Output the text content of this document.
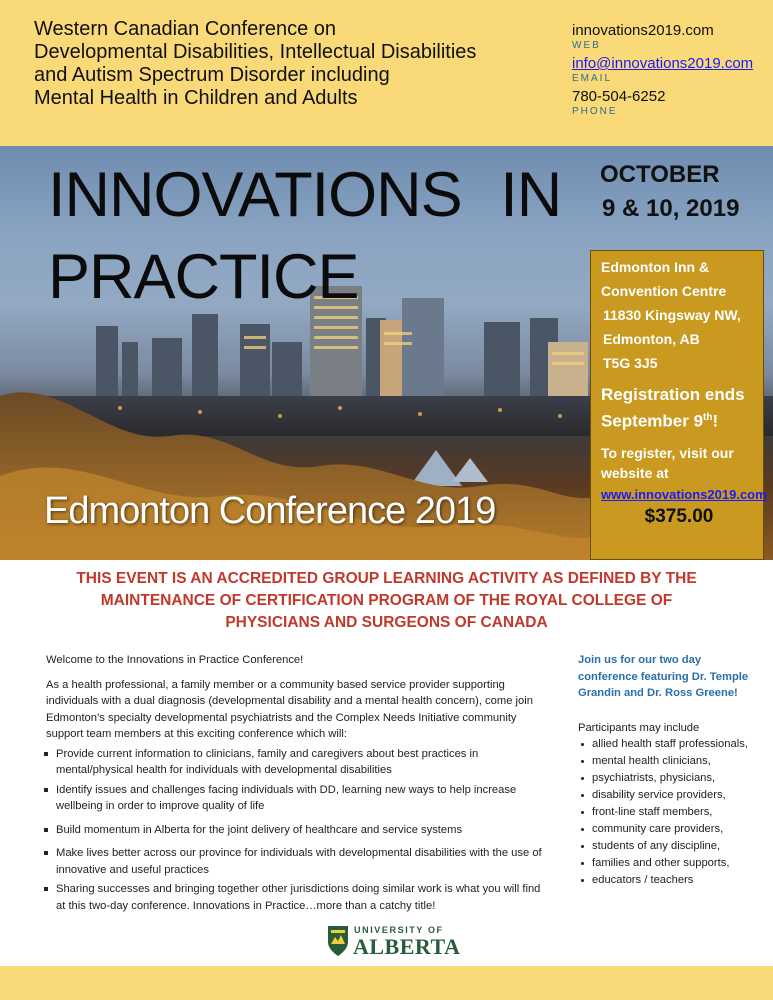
Western Canadian Conference on
Developmental Disabilities, Intellectual Disabilities
and Autism Spectrum Disorder including
Mental Health in Children and Adults
innovations2019.com
WEB
info@innovations2019.com
EMAIL
780-504-6252
PHONE
INNOVATIONS IN
PRACTICE
OCTOBER
9 & 10, 2019
Edmonton Conference 2019
Edmonton Inn &
Convention Centre
11830 Kingsway NW,
Edmonton, AB
T5G 3J5
Registration ends
September 9th!
To register, visit our
website at
www.innovations2019.com
$375.00
THIS EVENT IS AN ACCREDITED GROUP LEARNING ACTIVITY AS DEFINED BY THE
MAINTENANCE OF CERTIFICATION PROGRAM OF THE ROYAL COLLEGE OF
PHYSICIANS AND SURGEONS OF CANADA

Welcome to the Innovations in Practice Conference!

As a health professional, a family member or a community based service provider supporting individuals with a dual diagnosis (developmental disability and a mental health concern), come join Edmonton’s specialty developmental psychiatrists and the Complex Needs Initiative community support team members at this exciting conference which will:

Provide current information to clinicians, family and caregivers about best practices in mental/physical health for individuals with developmental disabilities
Identify issues and challenges facing individuals with DD, learning new ways to help increase wellbeing in order to improve quality of life
Build momentum in Alberta for the joint delivery of healthcare and service systems
Make lives better across our province for individuals with developmental disabilities with the use of innovative and useful practices
Sharing successes and bringing together other jurisdictions doing similar work is what you will find at this two-day conference. Innovations in Practice…more than a catchy title!

Join us for our two day conference featuring Dr. Temple Grandin and Dr. Ross Greene!

Participants may include

allied health staff professionals,
mental health clinicians,
psychiatrists, physicians,
disability service providers,
front-line staff members,
community care providers,
students of any discipline,
families and other supports,
educators / teachers
UNIVERSITY OF
ALBERTA
